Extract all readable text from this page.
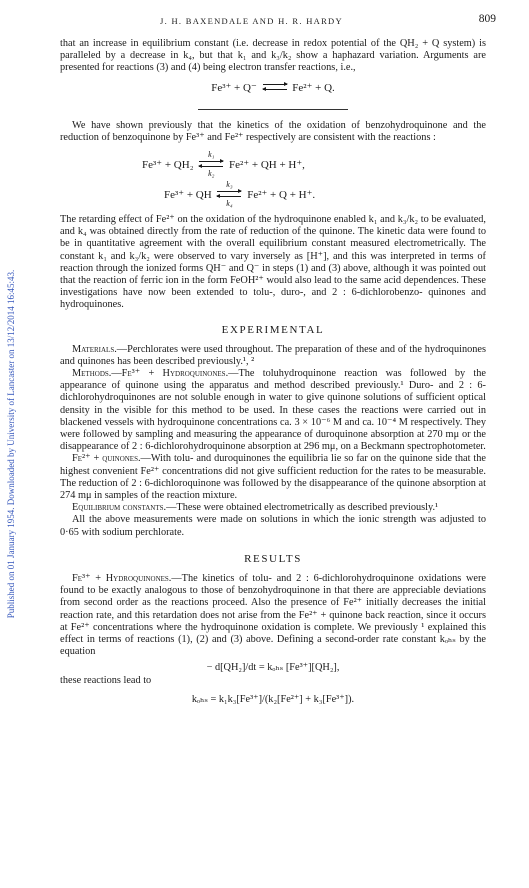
Published on 01 January 1954. Downloaded by University of Lancaster on 13/12/2014 16:45:43.
J. H. BAXENDALE AND H. R. HARDY	809

that an increase in equilibrium constant (i.e. decrease in redox potential of the QH₂ + Q system) is paralleled by a decrease in k₄, but that k₁ and k₃/k₂ show a haphazard variation. Arguments are presented for reactions (3) and (4) being electron transfer reactions, i.e.,

Fe³⁺ + Q⁻ ⇌ Fe²⁺ + Q.

We have shown previously that the kinetics of the oxidation of benzohydroquinone and the reduction of benzoquinone by Fe³⁺ and Fe²⁺ respectively are consistent with the reactions :

$Fe^{3+} + QH_2 \frac{\text{k₁}}{\text{k₂}} Fe^{2+}$ + QH + H⁺,
Fe³⁺ + QH $\frac{\text{k₃}}{\text{k₄}} Fe^{2+} + Q + H^+$.

The retarding effect of Fe²⁺ on the oxidation of the hydroquinone enabled k₁ and k₃/k₂ to be evaluated, and k₄ was obtained directly from the rate of reduction of the quinone. The kinetic data were found to be in quantitative agreement with the overall equilibrium constant measured electrometrically. The constant k₁ and k₃/k₂ were observed to vary inversely as [H⁺], and this was interpreted in terms of reaction through the ionized forms QH⁻ and Q⁻ in steps (1) and (3) above, although it was pointed out that the reaction of ferric ion in the form FeOH²⁺ would also lead to the same acid dependences. These investigations have now been extended to tolu-, duro-, and 2 : 6-dichlorobenzo- quinones and hydroquinones.

EXPERIMENTAL

Materials.—Perchlorates were used throughout. The preparation of these and of the hydroquinones and quinones has been described previously.¹, ²

Methods.—Fe³⁺ + Hydroquinones.—The toluhydroquinone reaction was followed by the appearance of quinone using the apparatus and method described previously.¹ Duro- and 2 : 6-dichlorohydroquinones are not soluble enough in water to give quinone solutions of sufficient optical density in the visible for this method to be used. In these cases the reactions were carried out in blackened vessels with hydroquinone concentrations ca. 3 × 10⁻⁶ M and ca. 10⁻⁴ M respectively. They were followed by sampling and measuring the appearance of duroquinone absorption at 270 mμ or the disappearance of 2 : 6-dichlorohydroquinone absorption at 296 mμ, on a Beckmann spectrophotometer.

Fe²⁺ + quinones.—With tolu- and duroquinones the equilibria lie so far on the quinone side that the highest convenient Fe²⁺ concentrations did not give sufficient reduction for the rates to be measurable. The reduction of 2 : 6-dichloroquinone was followed by the disappearance of the quinone absorption at 274 mμ in samples of the reaction mixture.

Equilibrium constants.—These were obtained electrometrically as described previously.¹

All the above measurements were made on solutions in which the ionic strength was adjusted to 0·65 with sodium perchlorate.

RESULTS

Fe³⁺ + Hydroquinones.—The kinetics of tolu- and 2 : 6-dichlorohydroquinone oxidations were found to be exactly analogous to those of benzohydroquinone in that there are appreciable deviations from second order as the reactions proceed. Also the presence of Fe²⁺ initially decreases the initial reaction rate, and this retardation does not arise from the Fe²⁺ + quinone back reaction, since it occurs at Fe²⁺ concentrations where the hydroquinone oxidation is complete. We previously ¹ explained this effect in terms of reactions (1), (2) and (3) above. Defining a second-order rate constant kₒₕₛ by the equation

− d[QH₂]/dt = kₒₕₛ [Fe³⁺][QH₂],

these reactions lead to

kₒₕₛ = k₁k₃[Fe³⁺]/(k₂[Fe²⁺] + k₃[Fe³⁺]).
